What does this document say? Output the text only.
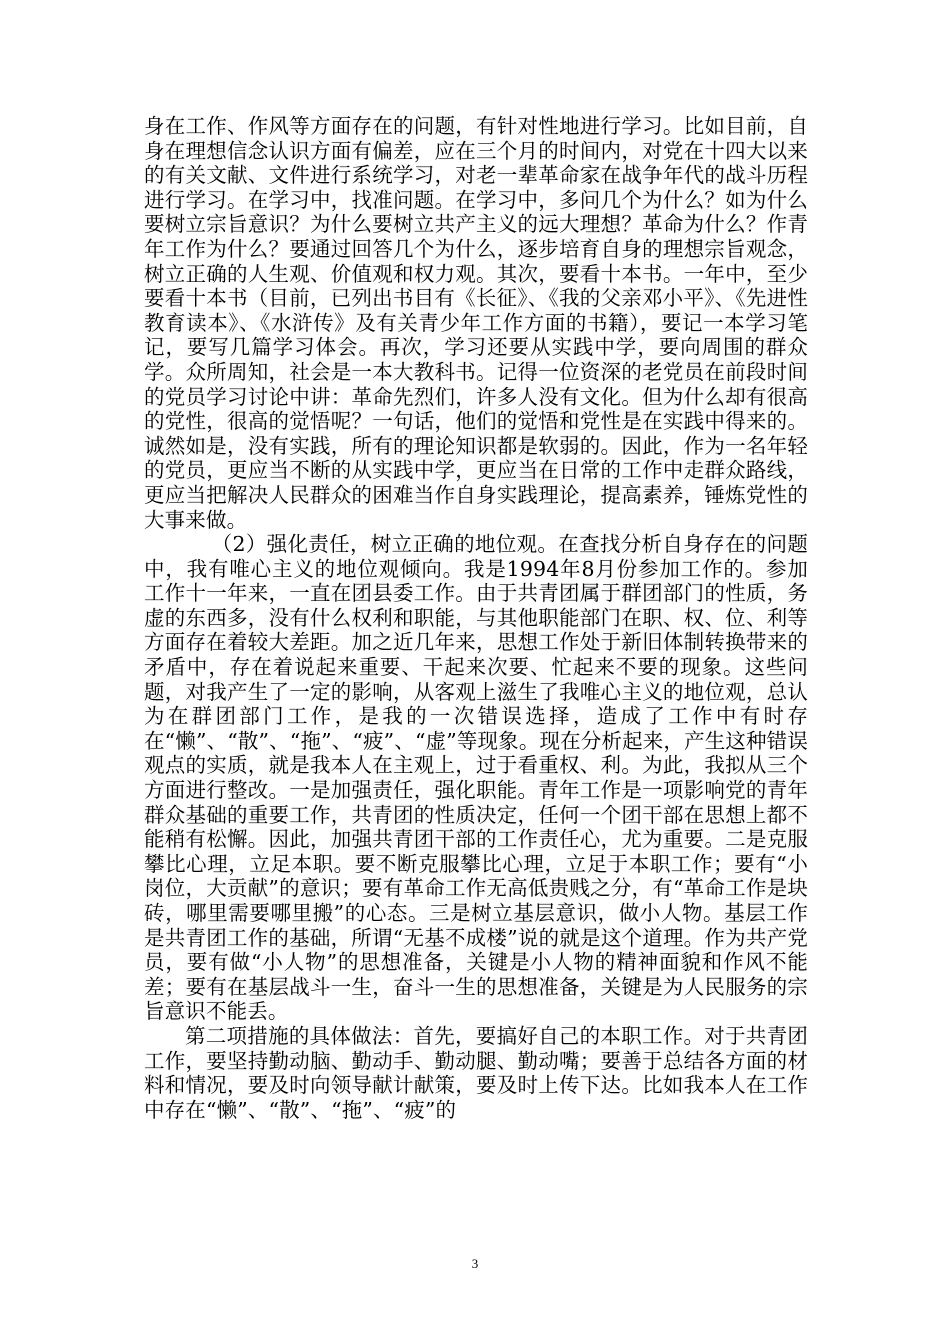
身在工作、作风等方面存在的问题，有针对性地进行学习。比如目前，自身在理想信念认识方面有偏差，应在三个月的时间内，对党在十四大以来的有关文献、文件进行系统学习，对老一辈革命家在战争年代的战斗历程进行学习。在学习中，找准问题。在学习中，多问几个为什么？如为什么要树立宗旨意识？为什么要树立共产主义的远大理想？革命为什么？作青年工作为什么？要通过回答几个为什么，逐步培育自身的理想宗旨观念，树立正确的人生观、价值观和权力观。其次，要看十本书。一年中，至少要看十本书（目前，已列出书目有《长征》、《我的父亲邓小平》、《先进性教育读本》、《水浒传》及有关青少年工作方面的书籍），要记一本学习笔记，要写几篇学习体会。再次，学习还要从实践中学，要向周围的群众学。众所周知，社会是一本大教科书。记得一位资深的老党员在前段时间的党员学习讨论中讲：革命先烈们，许多人没有文化。但为什么却有很高的党性，很高的觉悟呢？一句话，他们的觉悟和党性是在实践中得来的。诚然如是，没有实践，所有的理论知识都是软弱的。因此，作为一名年轻的党员，更应当不断的从实践中学，更应当在日常的工作中走群众路线，更应当把解决人民群众的困难当作自身实践理论，提高素养，锤炼党性的大事来做。

（2）强化责任，树立正确的地位观。在查找分析自身存在的问题中，我有唯心主义的地位观倾向。我是1994年8月份参加工作的。参加工作十一年来，一直在团县委工作。由于共青团属于群团部门的性质，务虚的东西多，没有什么权利和职能，与其他职能部门在职、权、位、利等方面存在着较大差距。加之近几年来，思想工作处于新旧体制转换带来的矛盾中，存在着说起来重要、干起来次要、忙起来不要的现象。这些问题，对我产生了一定的影响，从客观上滋生了我唯心主义的地位观，总认为在群团部门工作，是我的一次错误选择，造成了工作中有时存在“懒”、“散”、“拖”、“疲”、“虚”等现象。现在分析起来，产生这种错误观点的实质，就是我本人在主观上，过于看重权、利。为此，我拟从三个方面进行整改。一是加强责任，强化职能。青年工作是一项影响党的青年群众基础的重要工作，共青团的性质决定，任何一个团干部在思想上都不能稍有松懈。因此，加强共青团干部的工作责任心，尤为重要。二是克服攀比心理，立足本职。要不断克服攀比心理，立足于本职工作；要有“小岗位，大贡献”的意识；要有革命工作无高低贵贱之分，有“革命工作是块砖，哪里需要哪里搬”的心态。三是树立基层意识，做小人物。基层工作是共青团工作的基础，所谓“无基不成楼”说的就是这个道理。作为共产党员，要有做“小人物”的思想准备，关键是小人物的精神面貌和作风不能差；要有在基层战斗一生，奋斗一生的思想准备，关键是为人民服务的宗旨意识不能丢。

第二项措施的具体做法：首先，要搞好自己的本职工作。对于共青团工作，要坚持勤动脑、勤动手、勤动腿、勤动嘴；要善于总结各方面的材料和情况，要及时向领导献计献策，要及时上传下达。比如我本人在工作中存在“懒”、“散”、“拖”、“疲”的

3
